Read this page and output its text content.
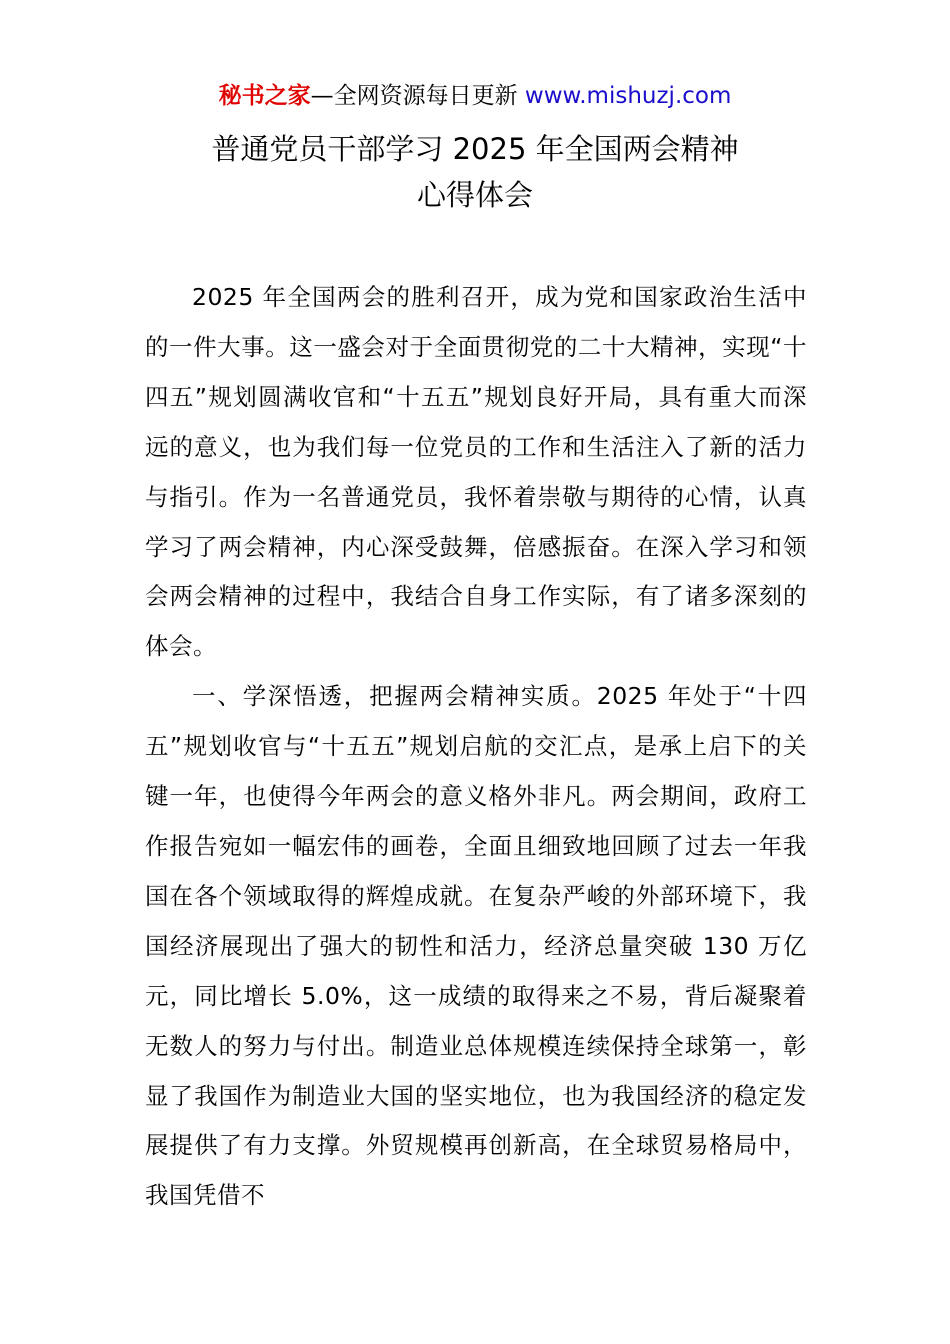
秘书之家—全网资源每日更新 www.mishuzj.com
普通党员干部学习 2025 年全国两会精神
心得体会

2025 年全国两会的胜利召开，成为党和国家政治生活中的一件大事。这一盛会对于全面贯彻党的二十大精神，实现“十四五”规划圆满收官和“十五五”规划良好开局，具有重大而深远的意义，也为我们每一位党员的工作和生活注入了新的活力与指引。作为一名普通党员，我怀着崇敬与期待的心情，认真学习了两会精神，内心深受鼓舞，倍感振奋。在深入学习和领会两会精神的过程中，我结合自身工作实际，有了诸多深刻的体会。

一、学深悟透，把握两会精神实质。2025 年处于“十四五”规划收官与“十五五”规划启航的交汇点，是承上启下的关键一年，也使得今年两会的意义格外非凡。两会期间，政府工作报告宛如一幅宏伟的画卷，全面且细致地回顾了过去一年我国在各个领域取得的辉煌成就。在复杂严峻的外部环境下，我国经济展现出了强大的韧性和活力，经济总量突破 130 万亿元，同比增长 5.0%，这一成绩的取得来之不易，背后凝聚着无数人的努力与付出。制造业总体规模连续保持全球第一，彰显了我国作为制造业大国的坚实地位，也为我国经济的稳定发展提供了有力支撑。外贸规模再创新高，在全球贸易格局中，我国凭借不
